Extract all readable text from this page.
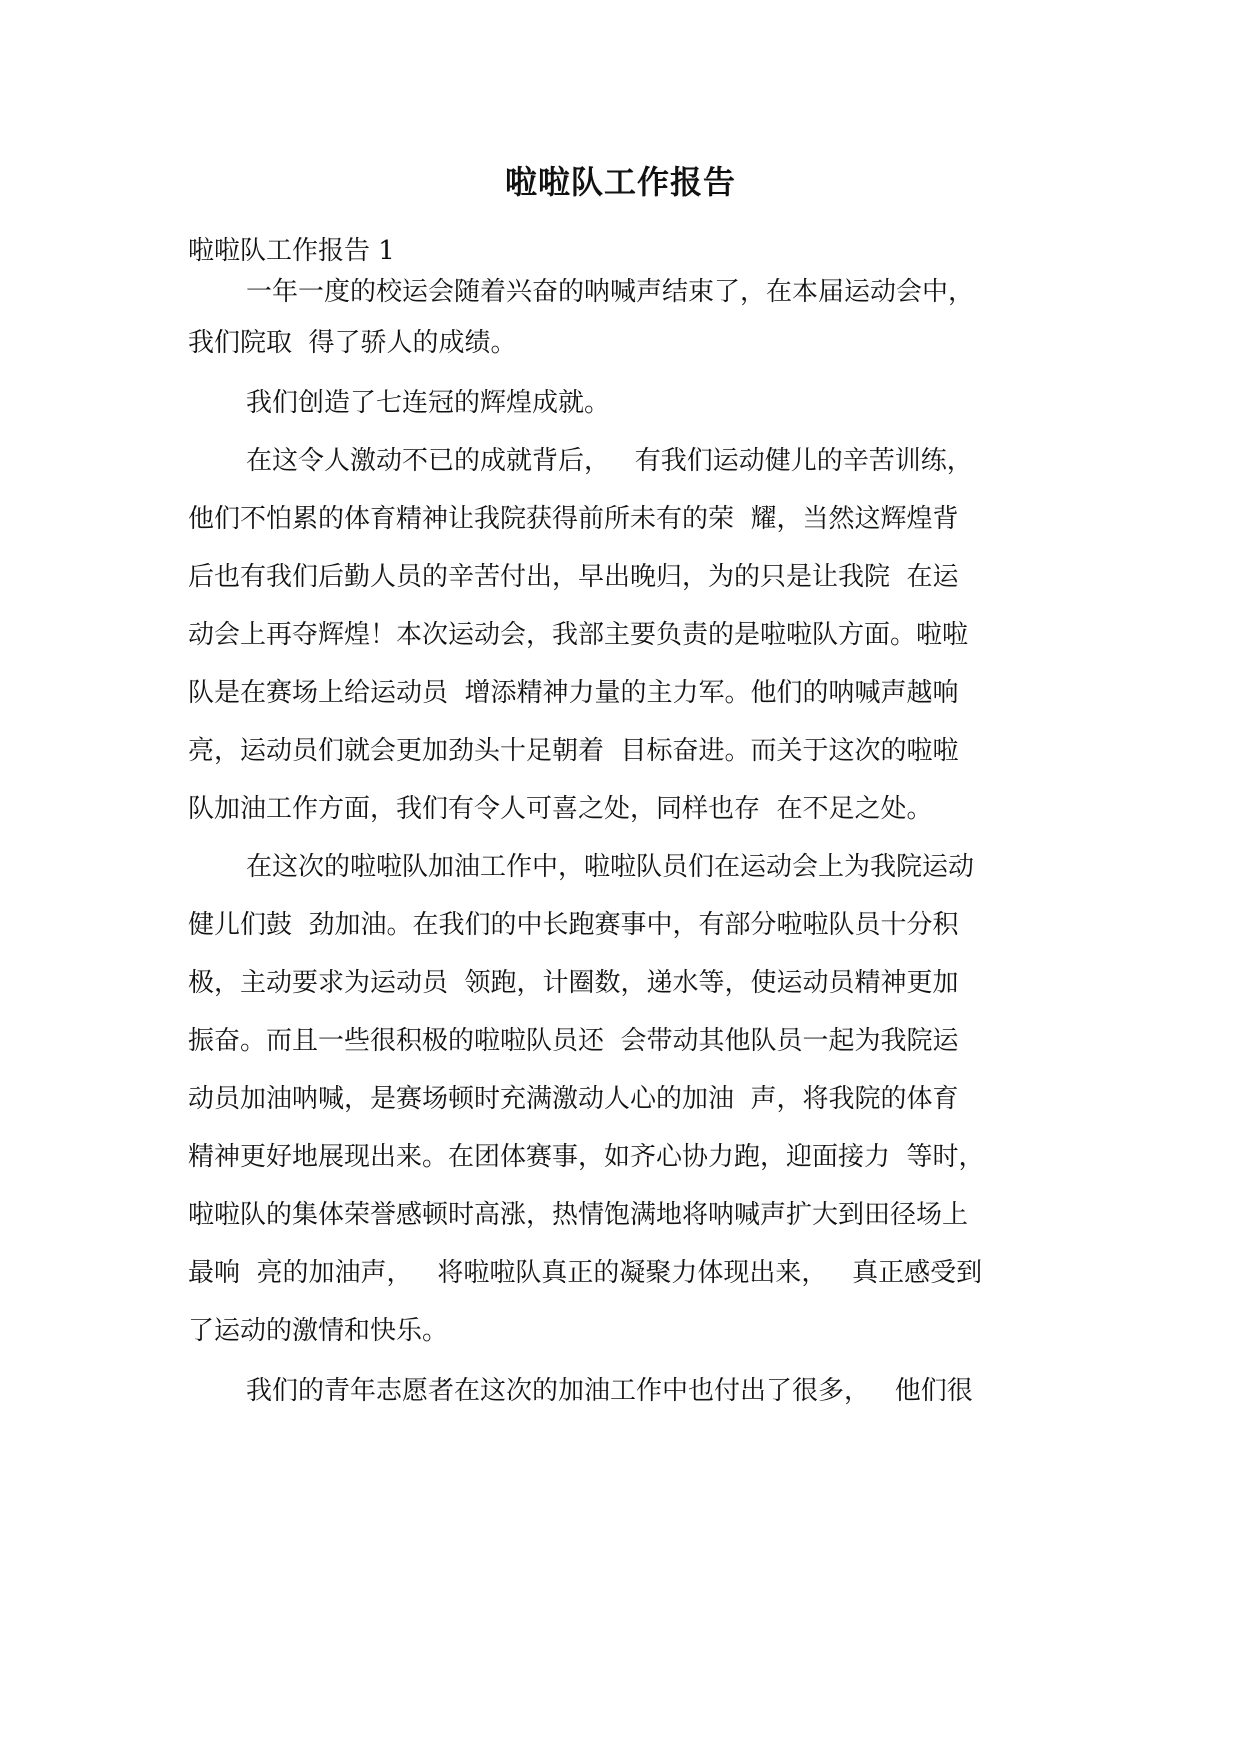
啦啦队工作报告
啦啦队工作报告 1
一年一度的校运会随着兴奋的呐喊声结束了，在本届运动会中，
我们院取  得了骄人的成绩。
我们创造了七连冠的辉煌成就。
在这令人激动不已的成就背后，   有我们运动健儿的辛苦训练，
他们不怕累的体育精神让我院获得前所未有的荣  耀，当然这辉煌背
后也有我们后勤人员的辛苦付出，早出晚归，为的只是让我院  在运
动会上再夺辉煌！本次运动会，我部主要负责的是啦啦队方面。啦啦
队是在赛场上给运动员  增添精神力量的主力军。他们的呐喊声越响
亮，运动员们就会更加劲头十足朝着  目标奋进。而关于这次的啦啦
队加油工作方面，我们有令人可喜之处，同样也存  在不足之处。
在这次的啦啦队加油工作中，啦啦队员们在运动会上为我院运动
健儿们鼓  劲加油。在我们的中长跑赛事中，有部分啦啦队员十分积
极，主动要求为运动员  领跑，计圈数，递水等，使运动员精神更加
振奋。而且一些很积极的啦啦队员还  会带动其他队员一起为我院运
动员加油呐喊，是赛场顿时充满激动人心的加油  声，将我院的体育
精神更好地展现出来。在团体赛事，如齐心协力跑，迎面接力  等时，
啦啦队的集体荣誉感顿时高涨，热情饱满地将呐喊声扩大到田径场上
最响  亮的加油声，   将啦啦队真正的凝聚力体现出来，   真正感受到
了运动的激情和快乐。
我们的青年志愿者在这次的加油工作中也付出了很多，   他们很
